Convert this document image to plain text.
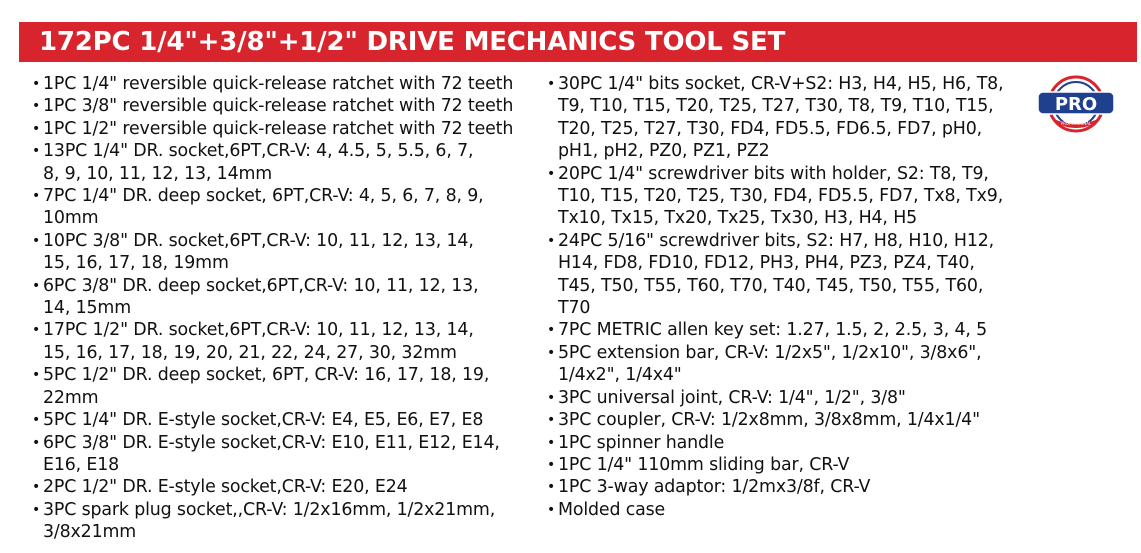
172PC 1/4"+3/8"+1/2" DRIVE MECHANICS TOOL SET
• 1PC 1/4" reversible quick-release ratchet with 72 teeth
• 1PC 3/8" reversible quick-release ratchet with 72 teeth
• 1PC 1/2" reversible quick-release ratchet with 72 teeth
• 13PC 1/4" DR. socket,6PT,CR-V: 4, 4.5, 5, 5.5, 6, 7,
8, 9, 10, 11, 12, 13, 14mm
• 7PC 1/4" DR. deep socket, 6PT,CR-V: 4, 5, 6, 7, 8, 9,
10mm
• 10PC 3/8" DR. socket,6PT,CR-V: 10, 11, 12, 13, 14,
15, 16, 17, 18, 19mm
• 6PC 3/8" DR. deep socket,6PT,CR-V: 10, 11, 12, 13,
14, 15mm
• 17PC 1/2" DR. socket,6PT,CR-V: 10, 11, 12, 13, 14,
15, 16, 17, 18, 19, 20, 21, 22, 24, 27, 30, 32mm
• 5PC 1/2" DR. deep socket, 6PT, CR-V: 16, 17, 18, 19,
22mm
• 5PC 1/4" DR. E-style socket,CR-V: E4, E5, E6, E7, E8
• 6PC 3/8" DR. E-style socket,CR-V: E10, E11, E12, E14,
E16, E18
• 2PC 1/2" DR. E-style socket,CR-V: E20, E24
• 3PC spark plug socket,,CR-V: 1/2x16mm, 1/2x21mm,
3/8x21mm
• 30PC 1/4" bits socket, CR-V+S2: H3, H4, H5, H6, T8,
T9, T10, T15, T20, T25, T27, T30, T8, T9, T10, T15,
T20, T25, T27, T30, FD4, FD5.5, FD6.5, FD7, pH0,
pH1, pH2, PZ0, PZ1, PZ2
• 20PC 1/4" screwdriver bits with holder, S2: T8, T9,
T10, T15, T20, T25, T30, FD4, FD5.5, FD7, Tx8, Tx9,
Tx10, Tx15, Tx20, Tx25, Tx30, H3, H4, H5
• 24PC 5/16" screwdriver bits, S2: H7, H8, H10, H12,
H14, FD8, FD10, FD12, PH3, PH4, PZ3, PZ4, T40,
T45, T50, T55, T60, T70, T40, T45, T50, T55, T60,
T70
• 7PC METRIC allen key set: 1.27, 1.5, 2, 2.5, 3, 4, 5
• 5PC extension bar, CR-V: 1/2x5", 1/2x10", 3/8x6",
1/4x2", 1/4x4"
• 3PC universal joint, CR-V: 1/4", 1/2", 3/8"
• 3PC coupler, CR-V: 1/2x8mm, 3/8x8mm, 1/4x1/4"
• 1PC spinner handle
• 1PC 1/4" 110mm sliding bar, CR-V
• 1PC 3-way adaptor: 1/2mx3/8f, CR-V
• Molded case
PRO
PROFESSIONAL
